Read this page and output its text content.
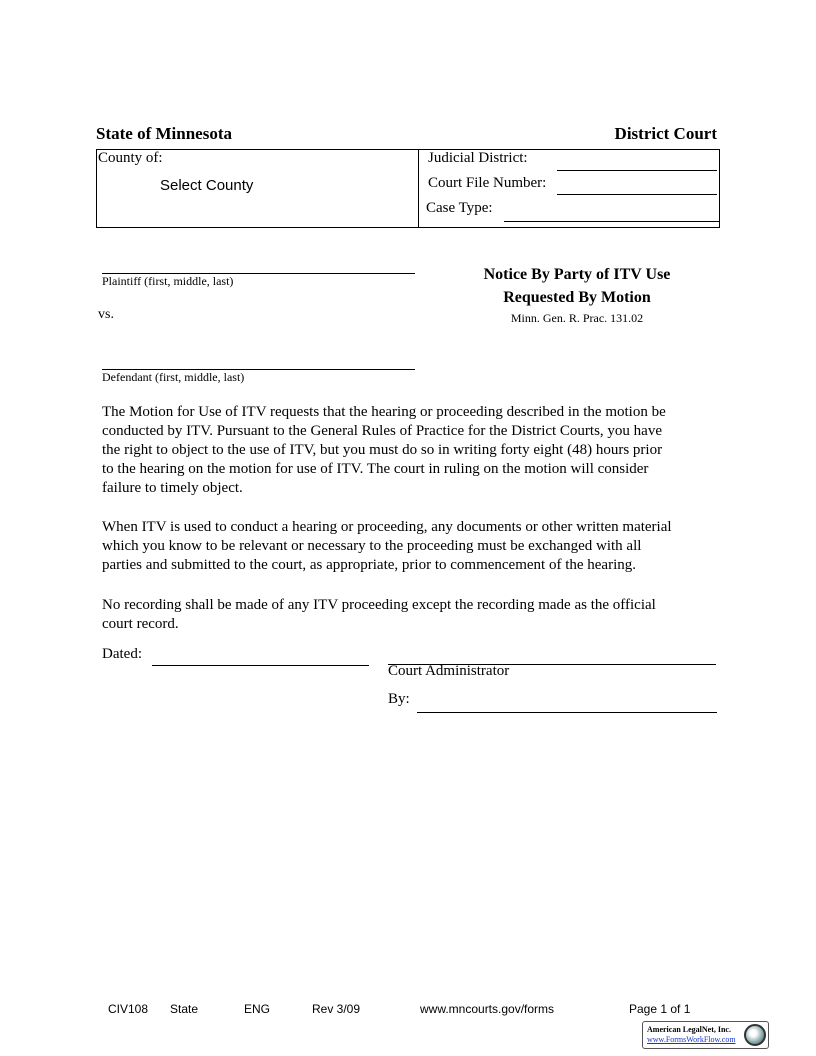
State of Minnesota	District Court
County of:
Select County
Judicial District:
Court File Number:
Case Type:
Plaintiff (first, middle, last)
vs.
Defendant (first, middle, last)
Notice By Party of ITV Use
Requested By Motion
Minn. Gen. R. Prac. 131.02
The Motion for Use of ITV requests that the hearing or proceeding described in the motion be
conducted by ITV. Pursuant to the General Rules of Practice for the District Courts, you have
the right to object to the use of ITV, but you must do so in writing forty eight (48) hours prior
to the hearing on the motion for use of ITV. The court in ruling on the motion will consider
failure to timely object.
When ITV is used to conduct a hearing or proceeding, any documents or other written material
which you know to be relevant or necessary to the proceeding must be exchanged with all
parties and submitted to the court, as appropriate, prior to commencement of the hearing.
No recording shall be made of any ITV proceeding except the recording made as the official
court record.
Dated:
Court Administrator
By:
CIV108 State	ENG	Rev 3/09	www.mncourts.gov/forms	Page 1 of 1
American LegalNet, Inc.
www.FormsWorkFlow.com
